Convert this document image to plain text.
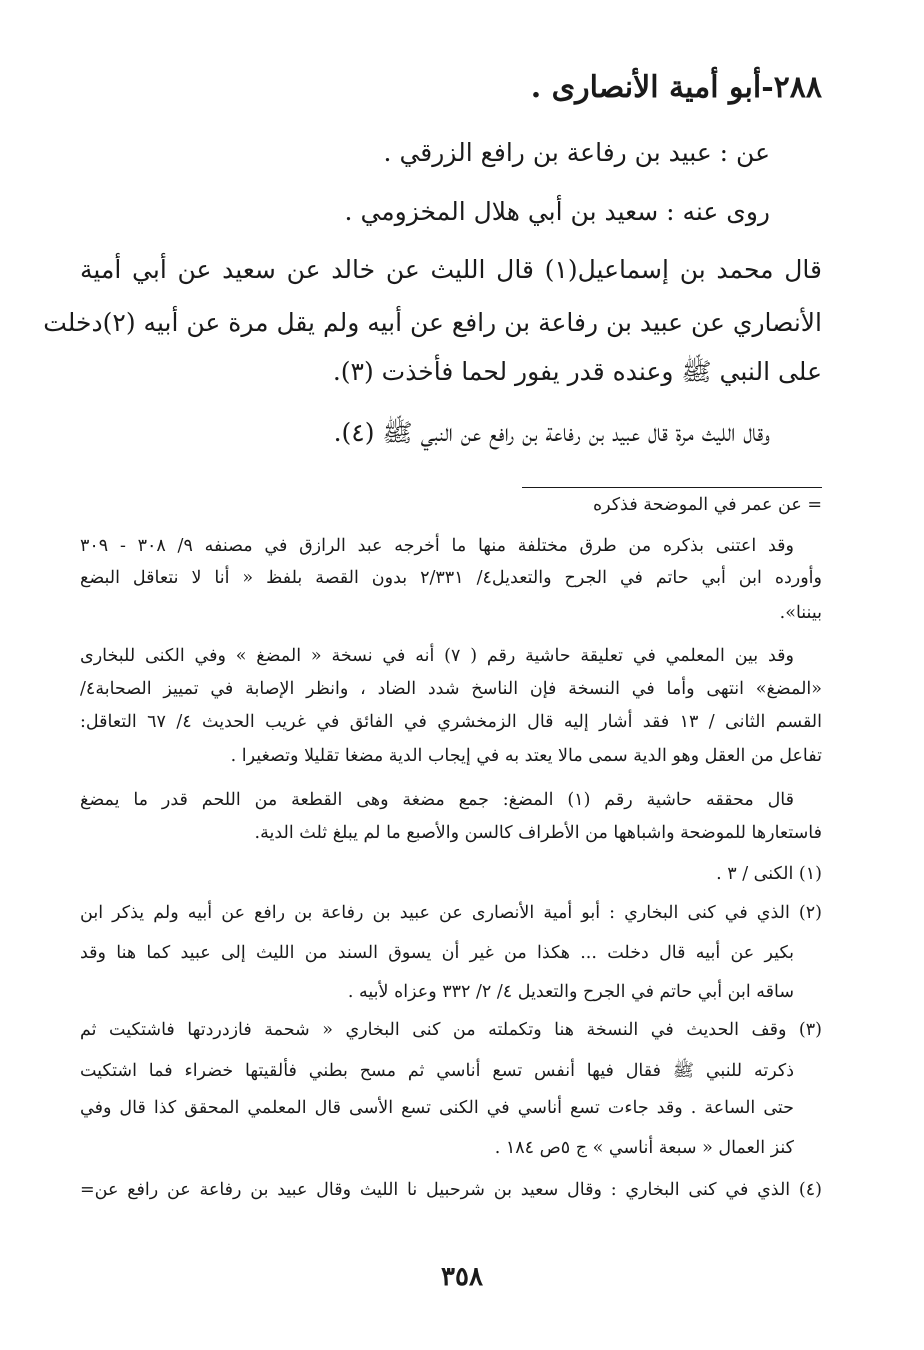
٢٨٨-أبو أمية الأنصارى .
عن : عبيد بن رفاعة بن رافع الزرقي .
روى عنه : سعيد بن أبي هلال المخزومي .
قال محمد بن إسماعيل(١) قال الليث عن خالد عن سعيد عن أبي أمية
الأنصاري عن عبيد بن رفاعة بن رافع عن أبيه ولم يقل مرة عن أبيه (٢)دخلت
على النبي ﷺ وعنده قدر يفور لحما فأخذت (٣).
وقال الليث مرة قال عبيد بن رفاعة بن رافع عن النبي ﷺ (٤).
= عن عمر في الموضحة فذكره
وقد اعتنى بذكره من طرق مختلفة منها ما أخرجه عبد الرازق في مصنفه ٩/ ٣٠٨ - ٣٠٩
وأورده ابن أبي حاتم في الجرح والتعديل٤/ ٢/٣٣١ بدون القصة بلفظ « أنا لا نتعاقل البضع
بيننا».
وقد بين المعلمي في تعليقة حاشية رقم ( ٧) أنه في نسخة « المضغ » وفي الكنى للبخارى
«المضغ» انتهى وأما في النسخة فإن الناسخ شدد الضاد ، وانظر الإصابة في تمييز الصحابة٤/
القسم الثانى / ١٣ فقد أشار إليه قال الزمخشري في الفائق في غريب الحديث ٤/ ٦٧ التعاقل:
تفاعل من العقل وهو الدية سمى مالا يعتد به في إيجاب الدية مضغا تقليلا وتصغيرا .
قال محققه حاشية رقم (١) المضغ: جمع مضغة وهى القطعة من اللحم قدر ما يمضغ
فاستعارها للموضحة واشباهها من الأطراف كالسن والأصبع ما لم يبلغ ثلث الدية.
(١) الكنى / ٣ .
(٢) الذي في كنى البخاري : أبو أمية الأنصارى عن عبيد بن رفاعة بن رافع عن أبيه ولم يذكر ابن
بكير عن أبيه قال دخلت ... هكذا من غير أن يسوق السند من الليث إلى عبيد كما هنا وقد
ساقه ابن أبي حاتم في الجرح والتعديل ٤/ ٢/ ٣٣٢ وعزاه لأبيه .
(٣) وقف الحديث في النسخة هنا وتكملته من كنى البخاري « شحمة فازدردتها فاشتكيت ثم
ذكرته للنبي ﷺ فقال فيها أنفس تسع أناسي ثم مسح بطني فألقيتها خضراء فما اشتكيت
حتى الساعة . وقد جاءت تسع أناسي في الكنى تسع الأسى قال المعلمي المحقق كذا قال وفي
كنز العمال « سبعة أناسي » ج ٥ص ١٨٤ .
(٤) الذي في كنى البخاري : وقال سعيد بن شرحبيل نا الليث وقال عبيد بن رفاعة عن رافع عن=
٣٥٨
